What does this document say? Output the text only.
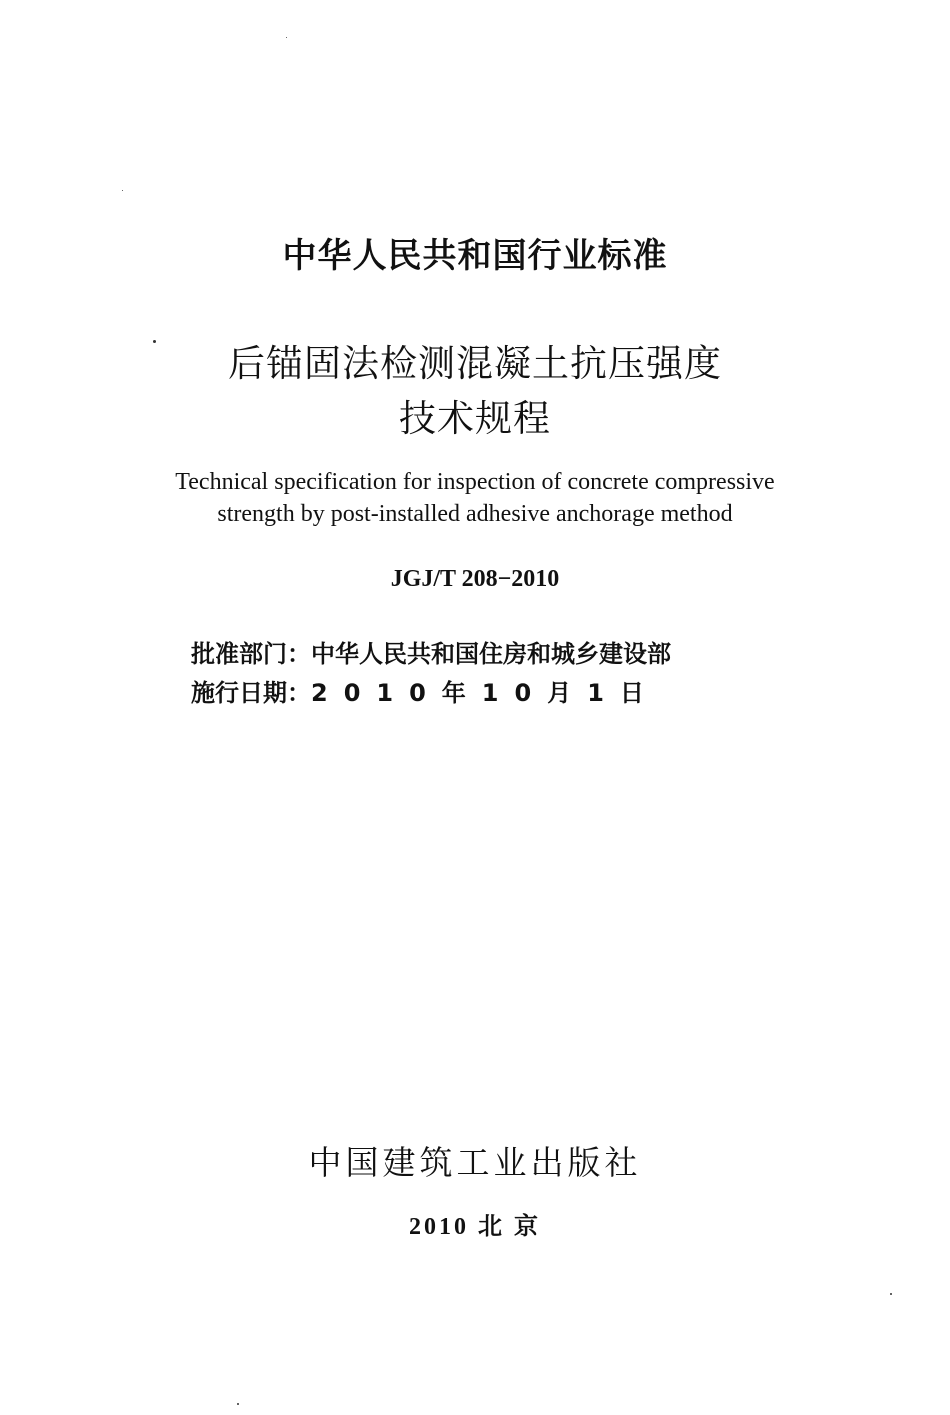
中华人民共和国行业标准
后锚固法检测混凝土抗压强度
技术规程
Technical specification for inspection of concrete compressive
strength by post-installed adhesive anchorage method
JGJ/T 208−2010
批准部门：中华人民共和国住房和城乡建设部
施行日期：2010年10月1日
中国建筑工业出版社
2010 北 京
